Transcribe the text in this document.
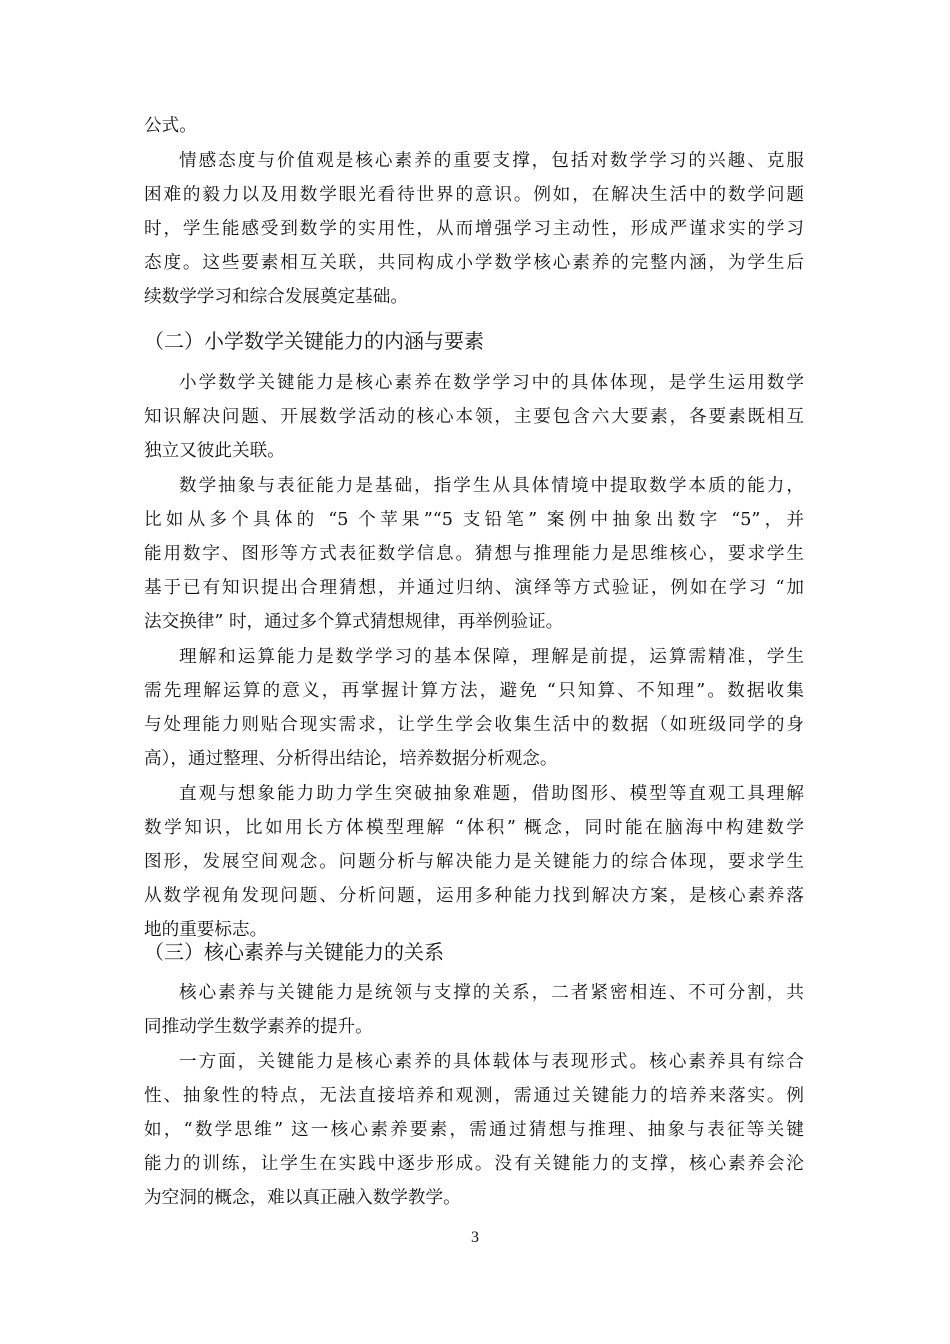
公式。
情感态度与价值观是核心素养的重要支撑，包括对数学学习的兴趣、克服
困难的毅力以及用数学眼光看待世界的意识。例如，在解决生活中的数学问题
时，学生能感受到数学的实用性，从而增强学习主动性，形成严谨求实的学习
态度。这些要素相互关联，共同构成小学数学核心素养的完整内涵，为学生后
续数学学习和综合发展奠定基础。
（二）小学数学关键能力的内涵与要素
小学数学关键能力是核心素养在数学学习中的具体体现，是学生运用数学
知识解决问题、开展数学活动的核心本领，主要包含六大要素，各要素既相互
独立又彼此关联。
数学抽象与表征能力是基础，指学生从具体情境中提取数学本质的能力，
比如从多个具体的 “5 个苹果”“5 支铅笔” 案例中抽象出数字 “5”，并
能用数字、图形等方式表征数学信息。猜想与推理能力是思维核心，要求学生
基于已有知识提出合理猜想，并通过归纳、演绎等方式验证，例如在学习 “加
法交换律” 时，通过多个算式猜想规律，再举例验证。
理解和运算能力是数学学习的基本保障，理解是前提，运算需精准，学生
需先理解运算的意义，再掌握计算方法，避免 “只知算、不知理”。数据收集
与处理能力则贴合现实需求，让学生学会收集生活中的数据（如班级同学的身
高），通过整理、分析得出结论，培养数据分析观念。
直观与想象能力助力学生突破抽象难题，借助图形、模型等直观工具理解
数学知识，比如用长方体模型理解 “体积” 概念，同时能在脑海中构建数学
图形，发展空间观念。问题分析与解决能力是关键能力的综合体现，要求学生
从数学视角发现问题、分析问题，运用多种能力找到解决方案，是核心素养落
地的重要标志。
（三）核心素养与关键能力的关系
核心素养与关键能力是统领与支撑的关系，二者紧密相连、不可分割，共
同推动学生数学素养的提升。
一方面，关键能力是核心素养的具体载体与表现形式。核心素养具有综合
性、抽象性的特点，无法直接培养和观测，需通过关键能力的培养来落实。例
如，“数学思维” 这一核心素养要素，需通过猜想与推理、抽象与表征等关键
能力的训练，让学生在实践中逐步形成。没有关键能力的支撑，核心素养会沦
为空洞的概念，难以真正融入数学教学。
3
